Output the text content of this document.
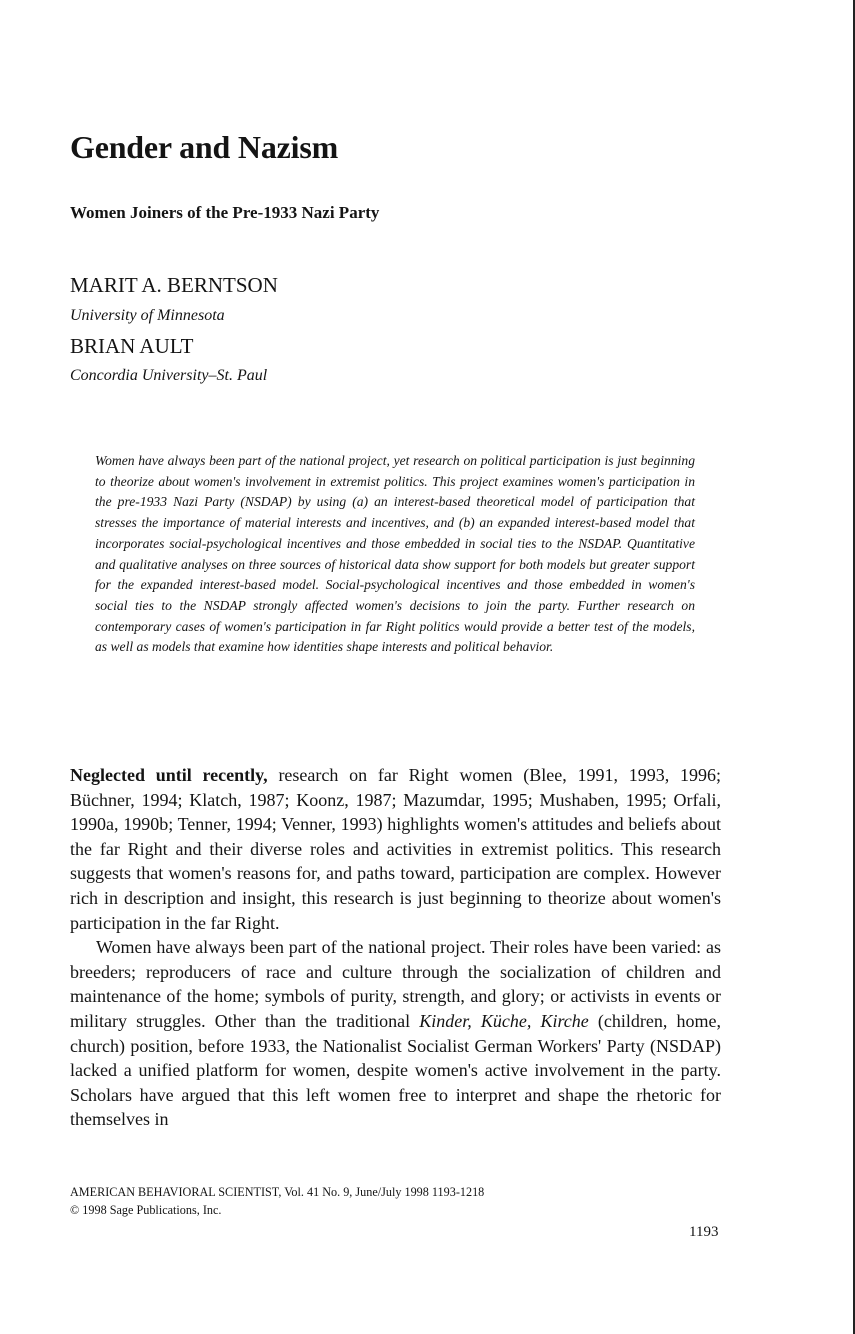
Gender and Nazism
Women Joiners of the Pre-1933 Nazi Party
MARIT A. BERNTSON
University of Minnesota
BRIAN AULT
Concordia University–St. Paul

Women have always been part of the national project, yet research on political participation is just beginning to theorize about women's involvement in extremist politics. This project examines women's participation in the pre-1933 Nazi Party (NSDAP) by using (a) an interest-based theoretical model of participation that stresses the importance of material interests and incentives, and (b) an expanded interest-based model that incorporates social-psychological incentives and those embedded in social ties to the NSDAP. Quantitative and qualitative analyses on three sources of historical data show support for both models but greater support for the expanded interest-based model. Social-psychological incentives and those embedded in women's social ties to the NSDAP strongly affected women's decisions to join the party. Further research on contemporary cases of women's participation in far Right politics would provide a better test of the models, as well as models that examine how identities shape interests and political behavior.

Neglected until recently, research on far Right women (Blee, 1991, 1993, 1996; Büchner, 1994; Klatch, 1987; Koonz, 1987; Mazumdar, 1995; Mushaben, 1995; Orfali, 1990a, 1990b; Tenner, 1994; Venner, 1993) highlights women's attitudes and beliefs about the far Right and their diverse roles and activities in extremist politics. This research suggests that women's reasons for, and paths toward, participation are complex. However rich in description and insight, this research is just beginning to theorize about women's participation in the far Right.

Women have always been part of the national project. Their roles have been varied: as breeders; reproducers of race and culture through the socialization of children and maintenance of the home; symbols of purity, strength, and glory; or activists in events or military struggles. Other than the traditional Kinder, Küche, Kirche (children, home, church) position, before 1933, the Nationalist Socialist German Workers' Party (NSDAP) lacked a unified platform for women, despite women's active involvement in the party. Scholars have argued that this left women free to interpret and shape the rhetoric for themselves in

AMERICAN BEHAVIORAL SCIENTIST, Vol. 41 No. 9, June/July 1998 1193-1218
© 1998 Sage Publications, Inc.
1193
